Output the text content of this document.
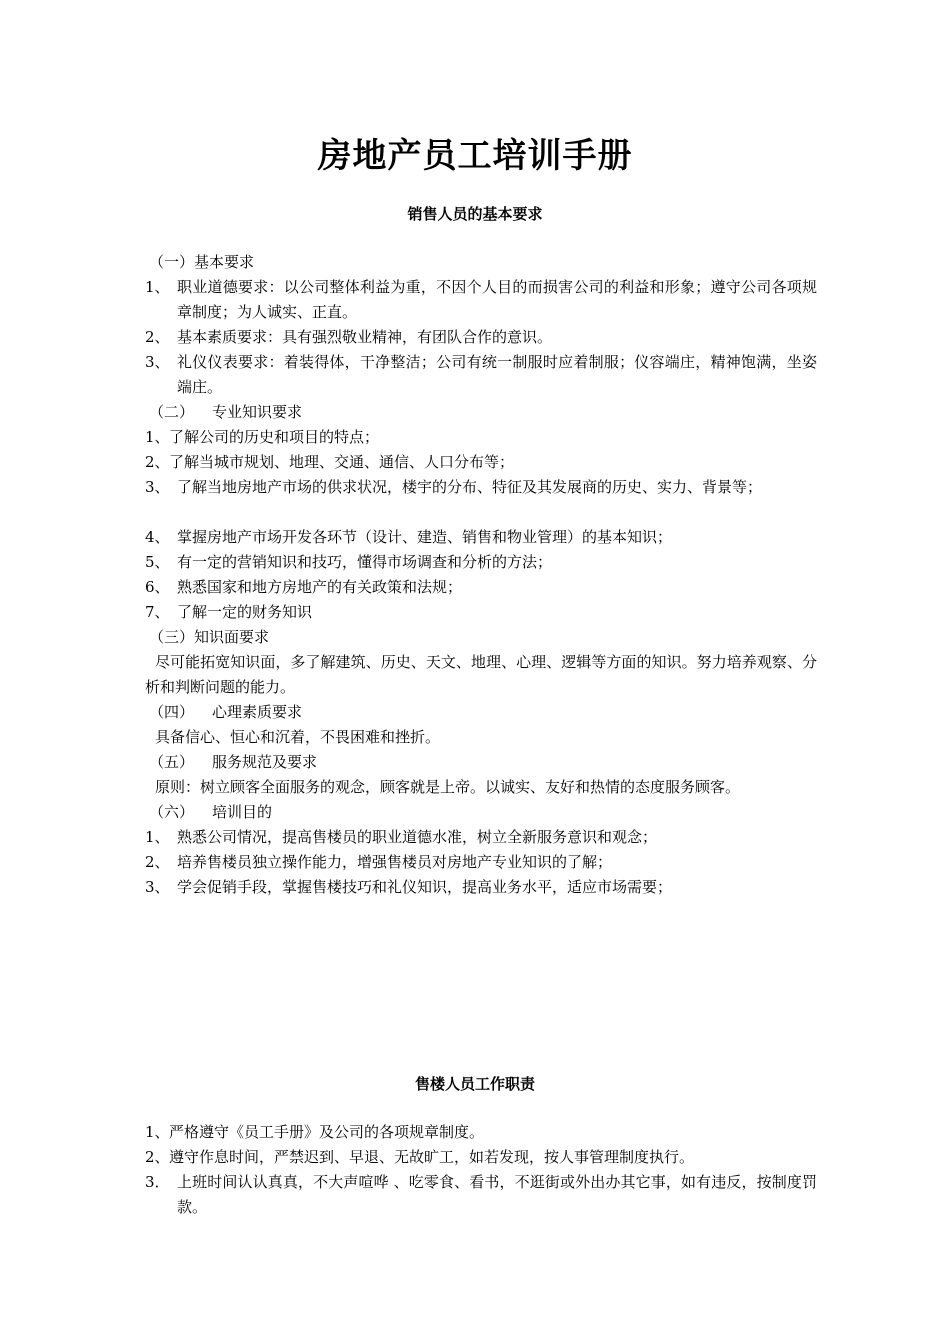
房地产员工培训手册
销售人员的基本要求
（一）基本要求
1、 职业道德要求：以公司整体利益为重，不因个人目的而损害公司的利益和形象；遵守公司各项规章制度；为人诚实、正直。
2、 基本素质要求：具有强烈敬业精神，有团队合作的意识。
3、 礼仪仪表要求：着装得体，干净整洁；公司有统一制服时应着制服；仪容端庄，精神饱满，坐姿端庄。
（二） 专业知识要求
1、 了解公司的历史和项目的特点；
2、 了解当城市规划、地理、交通、通信、人口分布等；
3、 了解当地房地产市场的供求状况，楼宇的分布、特征及其发展商的历史、实力、背景等；
4、 掌握房地产市场开发各环节（设计、建造、销售和物业管理）的基本知识；
5、 有一定的营销知识和技巧，懂得市场调查和分析的方法；
6、 熟悉国家和地方房地产的有关政策和法规；
7、 了解一定的财务知识
（三）知识面要求
尽可能拓宽知识面，多了解建筑、历史、天文、地理、心理、逻辑等方面的知识。努力培养观察、分析和判断问题的能力。
（四） 心理素质要求
具备信心、恒心和沉着，不畏困难和挫折。
（五） 服务规范及要求
原则：树立顾客全面服务的观念，顾客就是上帝。以诚实、友好和热情的态度服务顾客。
（六） 培训目的
1、 熟悉公司情况，提高售楼员的职业道德水准，树立全新服务意识和观念；
2、 培养售楼员独立操作能力，增强售楼员对房地产专业知识的了解；
3、 学会促销手段，掌握售楼技巧和礼仪知识，提高业务水平，适应市场需要；
售楼人员工作职责
1、 严格遵守《员工手册》及公司的各项规章制度。
2、 遵守作息时间，严禁迟到、早退、无故旷工，如若发现，按人事管理制度执行。
3． 上班时间认认真真，不大声喧哗 、吃零食、看书，不逛街或外出办其它事，如有违反，按制度罚款。
